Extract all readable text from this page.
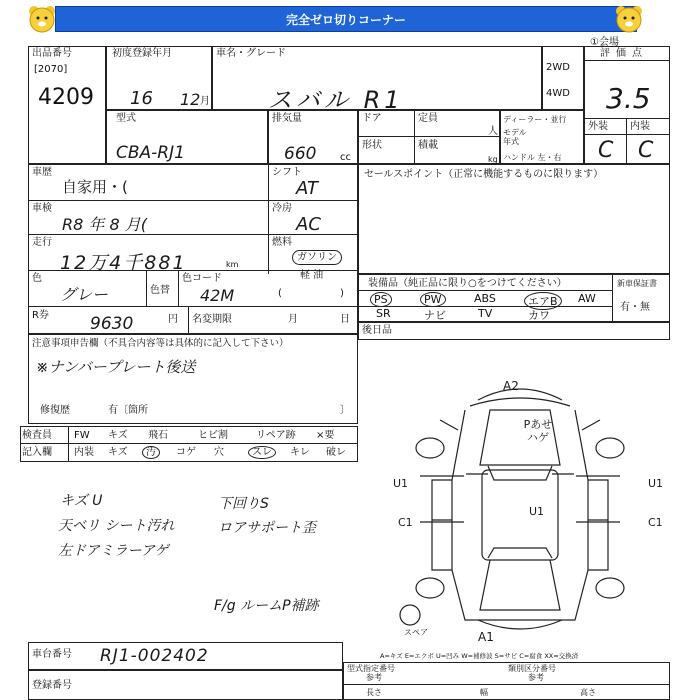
完全ゼロ切りコーナー
①会場
出品番号
[2070]
4209
初度登録年月
16 12 月
車名・グレード
スバル R1
2WD
4WD
評価点
3.5
外装 内装
C C
型式
CBA-RJ1
排気量
660 cc
ドア	定員
人
形状	積載
kg
ディーラー・並行
モデル年式
ハンドル 左・右
車歴
自家用・(
シフト
AT
車検
R8 年 8 月(
冷房
AC
走行
12万4千881	km
燃料
ガソリン
軽 油
色
グレー	色替
色コード
42M	(	)
R券 9630	円 名変期限	月	日
注意事項申告欄（不具合内容等は具体的に記入して下さい）
※ナンバープレート後送
修復歴	有〔箇所	〕
セールスポイント（正常に機能するものに限ります）
装備品（純正品に限り○をつけてください）	新車保証書
有・無
PS	PW	ABS	エアB	AW
SR	ナビ	TV	カワ
後日品
検査員
記入欄
FW キズ 飛石	ヒビ割	リペア跡 ×要
内装 キズ	汚	コゲ 穴	スレ	キレ 破レ
キズ U
天ベリ シート汚れ
左ドアミラーアゲ
下回りS
ロアサポート歪
F/g ルームP補跡
A2
Pあせ ハゲ
U1
C1
U1
C1
U1
A1
スペア
A=キズ E=エクボ U=凹み W=補修波 S=サビ C=腐食 XX=交換済
車台番号 RJ1-002402
登録番号
型式指定番号
参考
類別区分番号
参考
長さ	幅	高さ
